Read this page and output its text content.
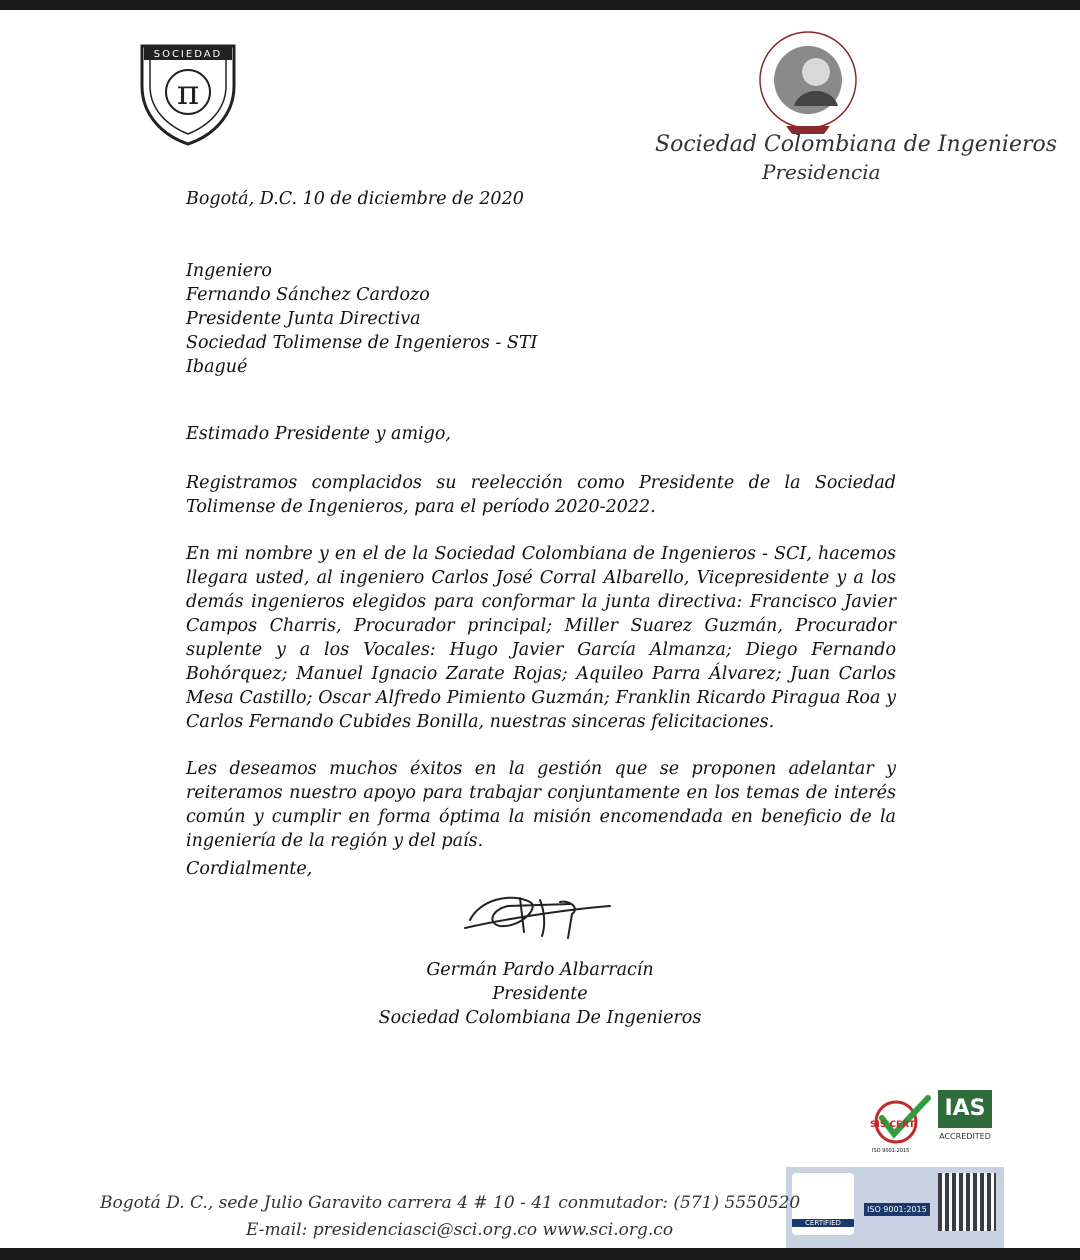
SOCIEDAD
π
Sociedad Colombiana de Ingenieros
Presidencia
Bogotá, D.C. 10 de diciembre de 2020
Ingeniero
Fernando Sánchez Cardozo
Presidente Junta Directiva
Sociedad Tolimense de Ingenieros - STI
Ibagué
Estimado Presidente y amigo,
Registramos complacidos su reelección como Presidente de la Sociedad Tolimense de Ingenieros, para el período 2020-2022.
En mi nombre y en el de la Sociedad Colombiana de Ingenieros - SCI, hacemos llegara usted, al ingeniero Carlos José Corral Albarello, Vicepresidente y a los demás ingenieros elegidos para conformar la junta directiva: Francisco Javier Campos Charris, Procurador principal; Miller Suarez Guzmán, Procurador suplente y a los Vocales: Hugo Javier García Almanza; Diego Fernando Bohórquez; Manuel Ignacio Zarate Rojas; Aquileo Parra Álvarez; Juan Carlos Mesa Castillo; Oscar Alfredo Pimiento Guzmán; Franklin Ricardo Piragua Roa y Carlos Fernando Cubides Bonilla, nuestras sinceras felicitaciones.
Les deseamos muchos éxitos en la gestión que se proponen adelantar y reiteramos nuestro apoyo para trabajar conjuntamente en los temas de interés común y cumplir en forma óptima la misión encomendada en beneficio de la ingeniería de la región y del país.
Cordialmente,
Germán Pardo Albarracín
Presidente
Sociedad Colombiana De Ingenieros
SIS CERT.
ISO 9001:2015
IAS
ACCREDITED
CERTIFIED
ISO 9001:2015
Bogotá D. C., sede Julio Garavito carrera 4 # 10 - 41 conmutador: (571) 5550520
E-mail: presidenciasci@sci.org.co www.sci.org.co
